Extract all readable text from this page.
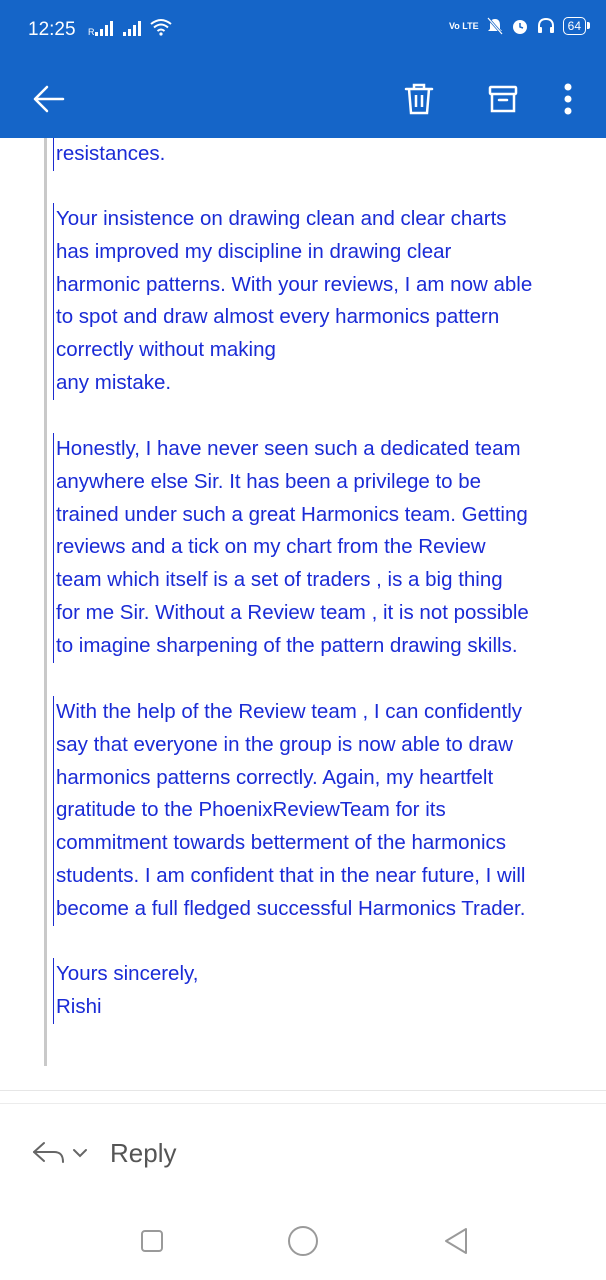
12:25 R
Vo LTE	64
resistances.
Your insistence on drawing clean and clear charts
has improved my discipline in drawing clear
harmonic patterns. With your reviews, I am now able
to spot and draw almost every harmonics pattern
correctly without making
any mistake.
Honestly, I have never seen such a dedicated team
anywhere else Sir. It has been a privilege to be
trained under such a great Harmonics team. Getting
reviews and a tick on my chart from the Review
team which itself is a set of traders , is a big thing
for me Sir. Without a Review team , it is not possible
to imagine sharpening of the pattern drawing skills.
With the help of the Review team , I can confidently
say that everyone in the group is now able to draw
harmonics patterns correctly. Again, my heartfelt
gratitude to the PhoenixReviewTeam for its
commitment towards betterment of the harmonics
students. I am confident that in the near future, I will
become a full fledged successful Harmonics Trader.
Yours sincerely,
Rishi
Reply
